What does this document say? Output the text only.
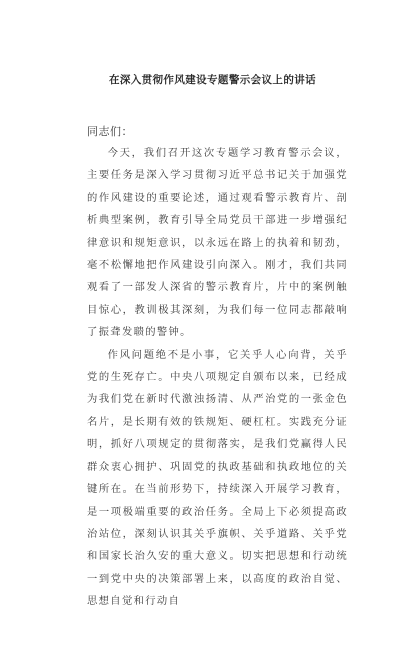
在深入贯彻作风建设专题警示会议上的讲话
同志们：

今天，我们召开这次专题学习教育警示会议，主要任务是深入学习贯彻习近平总书记关于加强党的作风建设的重要论述，通过观看警示教育片、剖析典型案例，教育引导全局党员干部进一步增强纪律意识和规矩意识，以永远在路上的执着和韧劲，毫不松懈地把作风建设引向深入。刚才，我们共同观看了一部发人深省的警示教育片，片中的案例触目惊心，教训极其深刻，为我们每一位同志都敲响了振聋发聩的警钟。

作风问题绝不是小事，它关乎人心向背，关乎党的生死存亡。中央八项规定自颁布以来，已经成为我们党在新时代激浊扬清、从严治党的一张金色名片，是长期有效的铁规矩、硬杠杠。实践充分证明，抓好八项规定的贯彻落实，是我们党赢得人民群众衷心拥护、巩固党的执政基础和执政地位的关键所在。在当前形势下，持续深入开展学习教育，是一项极端重要的政治任务。全局上下必须提高政治站位，深刻认识其关乎旗帜、关乎道路、关乎党和国家长治久安的重大意义。切实把思想和行动统一到党中央的决策部署上来，以高度的政治自觉、思想自觉和行动自
